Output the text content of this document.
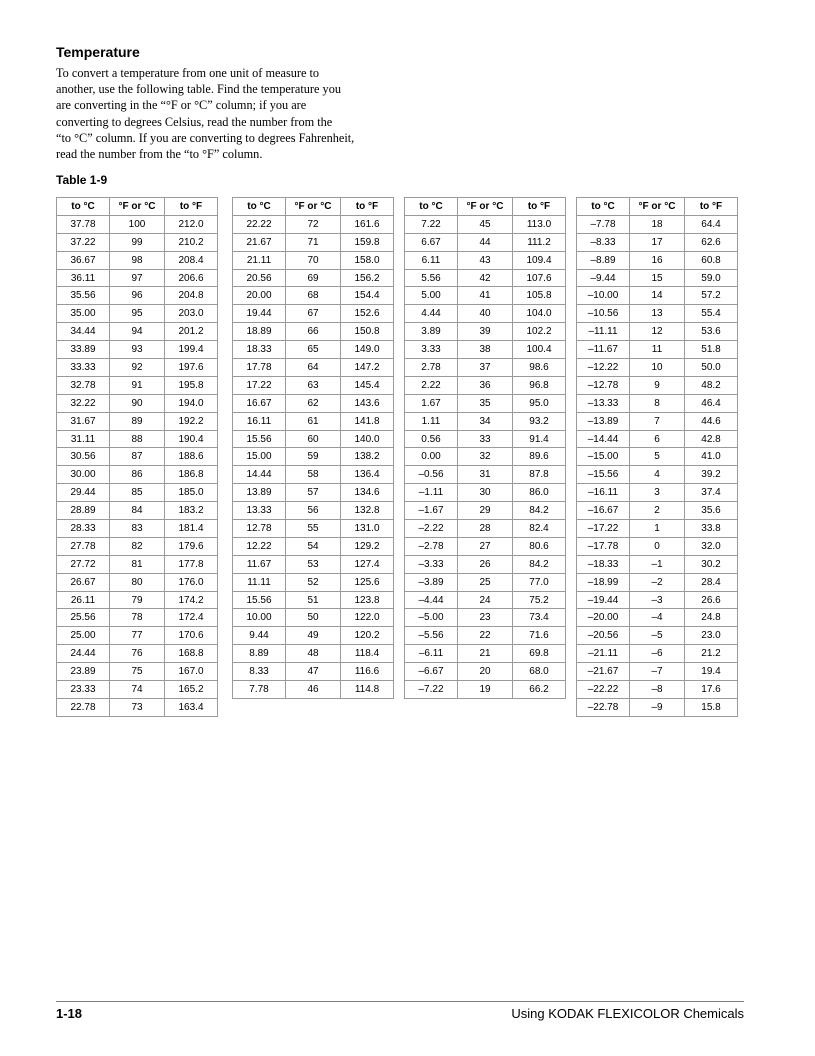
Temperature

To convert a temperature from one unit of measure to

another, use the following table. Find the temperature you

are converting in the “°F or °C” column; if you are

converting to degrees Celsius, read the number from the

“to °C” column. If you are converting to degrees Fahrenheit,

read the number from the “to °F” column.

Table 1-9
to °C	°F or °C	to °F
37.78	100	212.0
37.22	99	210.2
36.67	98	208.4
36.11	97	206.6
35.56	96	204.8
35.00	95	203.0
34.44	94	201.2
33.89	93	199.4
33.33	92	197.6
32.78	91	195.8
32.22	90	194.0
31.67	89	192.2
31.11	88	190.4
30.56	87	188.6
30.00	86	186.8
29.44	85	185.0
28.89	84	183.2
28.33	83	181.4
27.78	82	179.6
27.72	81	177.8
26.67	80	176.0
26.11	79	174.2
25.56	78	172.4
25.00	77	170.6
24.44	76	168.8
23.89	75	167.0
23.33	74	165.2
22.78	73	163.4
to °C	°F or °C	to °F
22.22	72	161.6
21.67	71	159.8
21.11	70	158.0
20.56	69	156.2
20.00	68	154.4
19.44	67	152.6
18.89	66	150.8
18.33	65	149.0
17.78	64	147.2
17.22	63	145.4
16.67	62	143.6
16.11	61	141.8
15.56	60	140.0
15.00	59	138.2
14.44	58	136.4
13.89	57	134.6
13.33	56	132.8
12.78	55	131.0
12.22	54	129.2
11.67	53	127.4
11.11	52	125.6
15.56	51	123.8
10.00	50	122.0
9.44	49	120.2
8.89	48	118.4
8.33	47	116.6
7.78	46	114.8
to °C	°F or °C	to °F
7.22	45	113.0
6.67	44	111.2
6.11	43	109.4
5.56	42	107.6
5.00	41	105.8
4.44	40	104.0
3.89	39	102.2
3.33	38	100.4
2.78	37	98.6
2.22	36	96.8
1.67	35	95.0
1.11	34	93.2
0.56	33	91.4
0.00	32	89.6
–0.56	31	87.8
–1.11	30	86.0
–1.67	29	84.2
–2.22	28	82.4
–2.78	27	80.6
–3.33	26	84.2
–3.89	25	77.0
–4.44	24	75.2
–5.00	23	73.4
–5.56	22	71.6
–6.11	21	69.8
–6.67	20	68.0
–7.22	19	66.2
to °C	°F or °C	to °F
–7.78	18	64.4
–8.33	17	62.6
–8.89	16	60.8
–9.44	15	59.0
–10.00	14	57.2
–10.56	13	55.4
–11.11	12	53.6
–11.67	11	51.8
–12.22	10	50.0
–12.78	9	48.2
–13.33	8	46.4
–13.89	7	44.6
–14.44	6	42.8
–15.00	5	41.0
–15.56	4	39.2
–16.11	3	37.4
–16.67	2	35.6
–17.22	1	33.8
–17.78	0	32.0
–18.33	–1	30.2
–18.99	–2	28.4
–19.44	–3	26.6
–20.00	–4	24.8
–20.56	–5	23.0
–21.11	–6	21.2
–21.67	–7	19.4
–22.22	–8	17.6
–22.78	–9	15.8
1-18	Using KODAK FLEXICOLOR Chemicals
